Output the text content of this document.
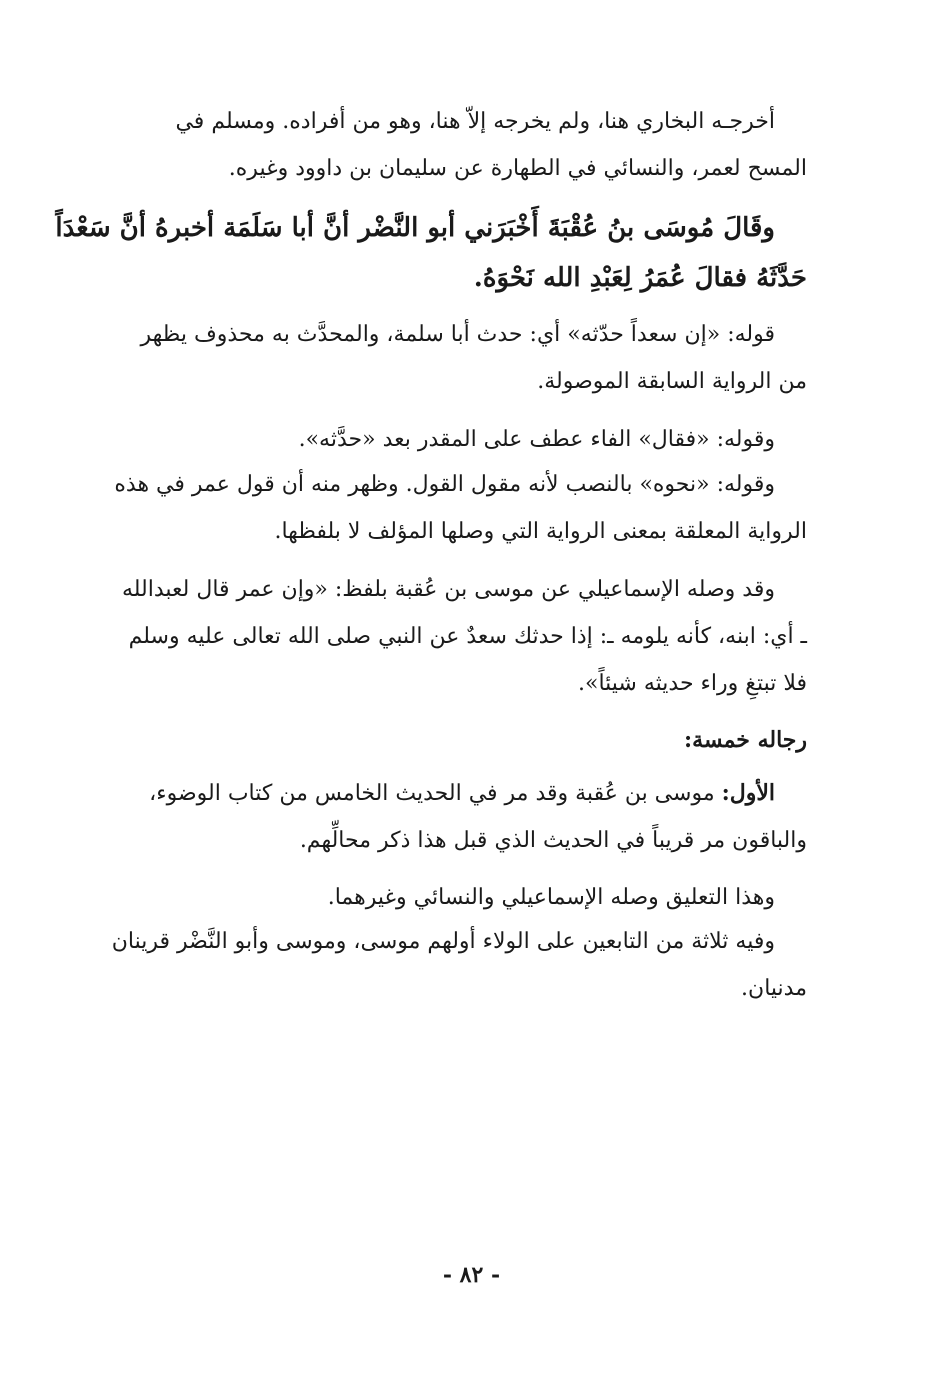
أخرجـه البخاري هنا، ولم يخرجه إلاّ هنا، وهو من أفراده. ومسلم في
المسح لعمر، والنسائي في الطهارة عن سليمان بن داوود وغيره.
وقَالَ مُوسَى بنُ عُقْبَةَ أَخْبَرَني أبو النَّضْر أنَّ أبا سَلَمَة أخبرهُ أنَّ سَعْدَاً
حَدَّثَهُ فقالَ عُمَرُ لِعَبْدِ الله نَحْوَهُ.
قوله: «إن سعداً حدّثه» أي: حدث أبا سلمة، والمحدَّث به محذوف يظهر
من الرواية السابقة الموصولة.
وقوله: «فقال» الفاء عطف على المقدر بعد «حدَّثه».
وقوله: «نحوه» بالنصب لأنه مقول القول. وظهر منه أن قول عمر في هذه
الرواية المعلقة بمعنى الرواية التي وصلها المؤلف لا بلفظها.
وقد وصله الإسماعيلي عن موسى بن عُقبة بلفظ: «وإن عمر قال لعبدالله
ـ أي: ابنه، كأنه يلومه ـ: إذا حدثك سعدٌ عن النبي صلى الله تعالى عليه وسلم
فلا تبتغِ وراء حديثه شيئاً».
رجاله خمسة:
الأول: موسى بن عُقبة وقد مر في الحديث الخامس من كتاب الوضوء،
والباقون مر قريباً في الحديث الذي قبل هذا ذكر محالِّهم.
وهذا التعليق وصله الإسماعيلي والنسائي وغيرهما.
وفيه ثلاثة من التابعين على الولاء أولهم موسى، وموسى وأبو النَّضْر قرينان
مدنيان.
- ٨٢ -
